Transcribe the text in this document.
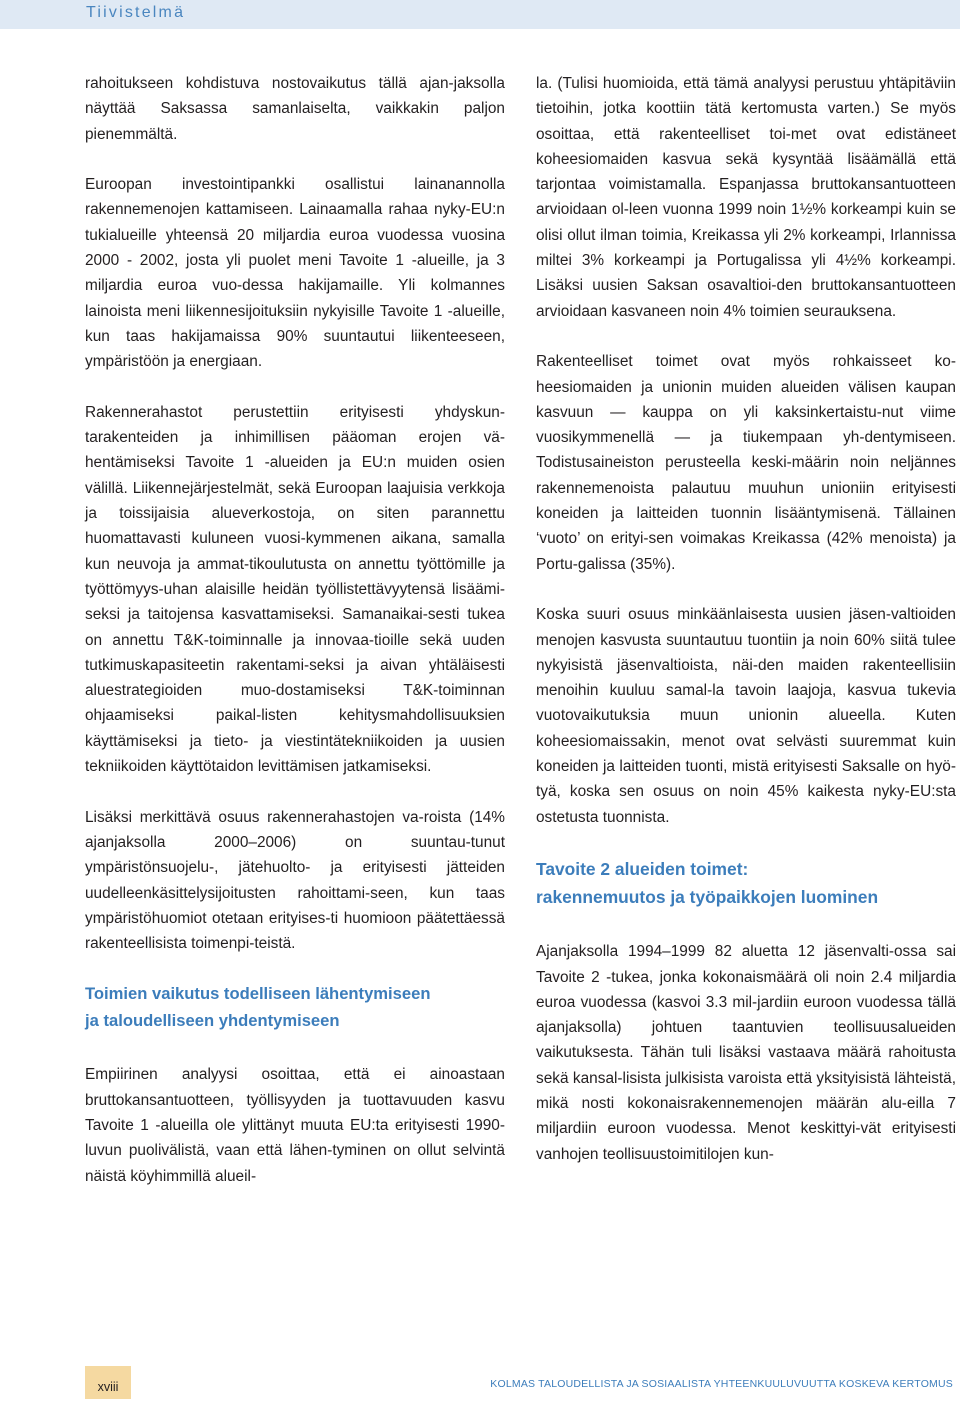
Tiivistelmä

rahoitukseen kohdistuva nostovaikutus tällä ajan-jaksolla näyttää Saksassa samanlaiselta, vaikkakin paljon pienemmältä.

Euroopan investointipankki osallistui lainanannolla rakennemenojen kattamiseen. Lainaamalla rahaa nyky-EU:n tukialueille yhteensä 20 miljardia euroa vuodessa vuosina 2000 - 2002, josta yli puolet meni Tavoite 1 -alueille, ja 3 miljardia euroa vuo-dessa hakijamaille. Yli kolmannes lainoista meni liikennesijoituksiin nykyisille Tavoite 1 -alueille, kun taas hakijamaissa 90% suuntautui liikenteeseen, ympäristöön ja energiaan.

Rakennerahastot perustettiin erityisesti yhdyskun-tarakenteiden ja inhimillisen pääoman erojen vä-hentämiseksi Tavoite 1 -alueiden ja EU:n muiden osien välillä. Liikennejärjestelmät, sekä Euroopan laajuisia verkkoja ja toissijaisia alueverkostoja, on siten parannettu huomattavasti kuluneen vuosi-kymmenen aikana, samalla kun neuvoja ja ammat-tikoulutusta on annettu työttömille ja työttömyys-uhan alaisille heidän työllistettävyytensä lisäämi-seksi ja taitojensa kasvattamiseksi. Samanaikai-sesti tukea on annettu T&K-toiminnalle ja innovaa-tioille sekä uuden tutkimuskapasiteetin rakentami-seksi ja aivan yhtäläisesti aluestrategioiden muo-dostamiseksi T&K-toiminnan ohjaamiseksi paikal-listen kehitysmahdollisuuksien käyttämiseksi ja tieto- ja viestintätekniikoiden ja uusien tekniikoiden käyttötaidon levittämisen jatkamiseksi.

Lisäksi merkittävä osuus rakennerahastojen va-roista (14% ajanjaksolla 2000–2006) on suuntau-tunut ympäristönsuojelu-, jätehuolto- ja erityisesti jätteiden uudelleenkäsittelysijoitusten rahoittami-seen, kun taas ympäristöhuomiot otetaan erityises-ti huomioon päätettäessä rakenteellisista toimenpi-teistä.

Toimien vaikutus todelliseen lähentymiseen
ja taloudelliseen yhdentymiseen

Empiirinen analyysi osoittaa, että ei ainoastaan bruttokansantuotteen, työllisyyden ja tuottavuuden kasvu Tavoite 1 -alueilla ole ylittänyt muuta EU:ta erityisesti 1990-luvun puolivälistä, vaan että lähen-tyminen on ollut selvintä näistä köyhimmillä alueil-

la. (Tulisi huomioida, että tämä analyysi perustuu yhtäpitäviin tietoihin, jotka koottiin tätä kertomusta varten.) Se myös osoittaa, että rakenteelliset toi-met ovat edistäneet koheesiomaiden kasvua sekä kysyntää lisäämällä että tarjontaa voimistamalla. Espanjassa bruttokansantuotteen arvioidaan ol-leen vuonna 1999 noin 1½% korkeampi kuin se olisi ollut ilman toimia, Kreikassa yli 2% korkeampi, Irlannissa miltei 3% korkeampi ja Portugalissa yli 4½% korkeampi. Lisäksi uusien Saksan osavaltioi-den bruttokansantuotteen arvioidaan kasvaneen noin 4% toimien seurauksena.

Rakenteelliset toimet ovat myös rohkaisseet ko-heesiomaiden ja unionin muiden alueiden välisen kaupan kasvuun — kauppa on yli kaksinkertaistu-nut viime vuosikymmenellä — ja tiukempaan yh-dentymiseen. Todistusaineiston perusteella keski-määrin noin neljännes rakennemenoista palautuu muuhun unioniin erityisesti koneiden ja laitteiden tuonnin lisääntymisenä. Tällainen ‘vuoto’ on erityi-sen voimakas Kreikassa (42% menoista) ja Portu-galissa (35%).

Koska suuri osuus minkäänlaisesta uusien jäsen-valtioiden menojen kasvusta suuntautuu tuontiin ja noin 60% siitä tulee nykyisistä jäsenvaltioista, näi-den maiden rakenteellisiin menoihin kuuluu samal-la tavoin laajoja, kasvua tukevia vuotovaikutuksia muun unionin alueella. Kuten koheesiomaissakin, menot ovat selvästi suuremmat kuin koneiden ja laitteiden tuonti, mistä erityisesti Saksalle on hyö-tyä, koska sen osuus on noin 45% kaikesta nyky-EU:sta ostetusta tuonnista.

Tavoite 2 alueiden toimet:
rakennemuutos ja työpaikkojen luominen

Ajanjaksolla 1994–1999 82 aluetta 12 jäsenvalti-ossa sai Tavoite 2 -tukea, jonka kokonaismäärä oli noin 2.4 miljardia euroa vuodessa (kasvoi 3.3 mil-jardiin euroon vuodessa tällä ajanjaksolla) johtuen taantuvien teollisuusalueiden vaikutuksesta. Tähän tuli lisäksi vastaava määrä rahoitusta sekä kansal-lisista julkisista varoista että yksityisistä lähteistä, mikä nosti kokonaisrakennemenojen määrän alu-eilla 7 miljardiin euroon vuodessa. Menot keskittyi-vät erityisesti vanhojen teollisuustoimitilojen kun-

xviii	KOLMAS TALOUDELLISTA JA SOSIAALISTA YHTEENKUULUVUUTTA KOSKEVA KERTOMUS
